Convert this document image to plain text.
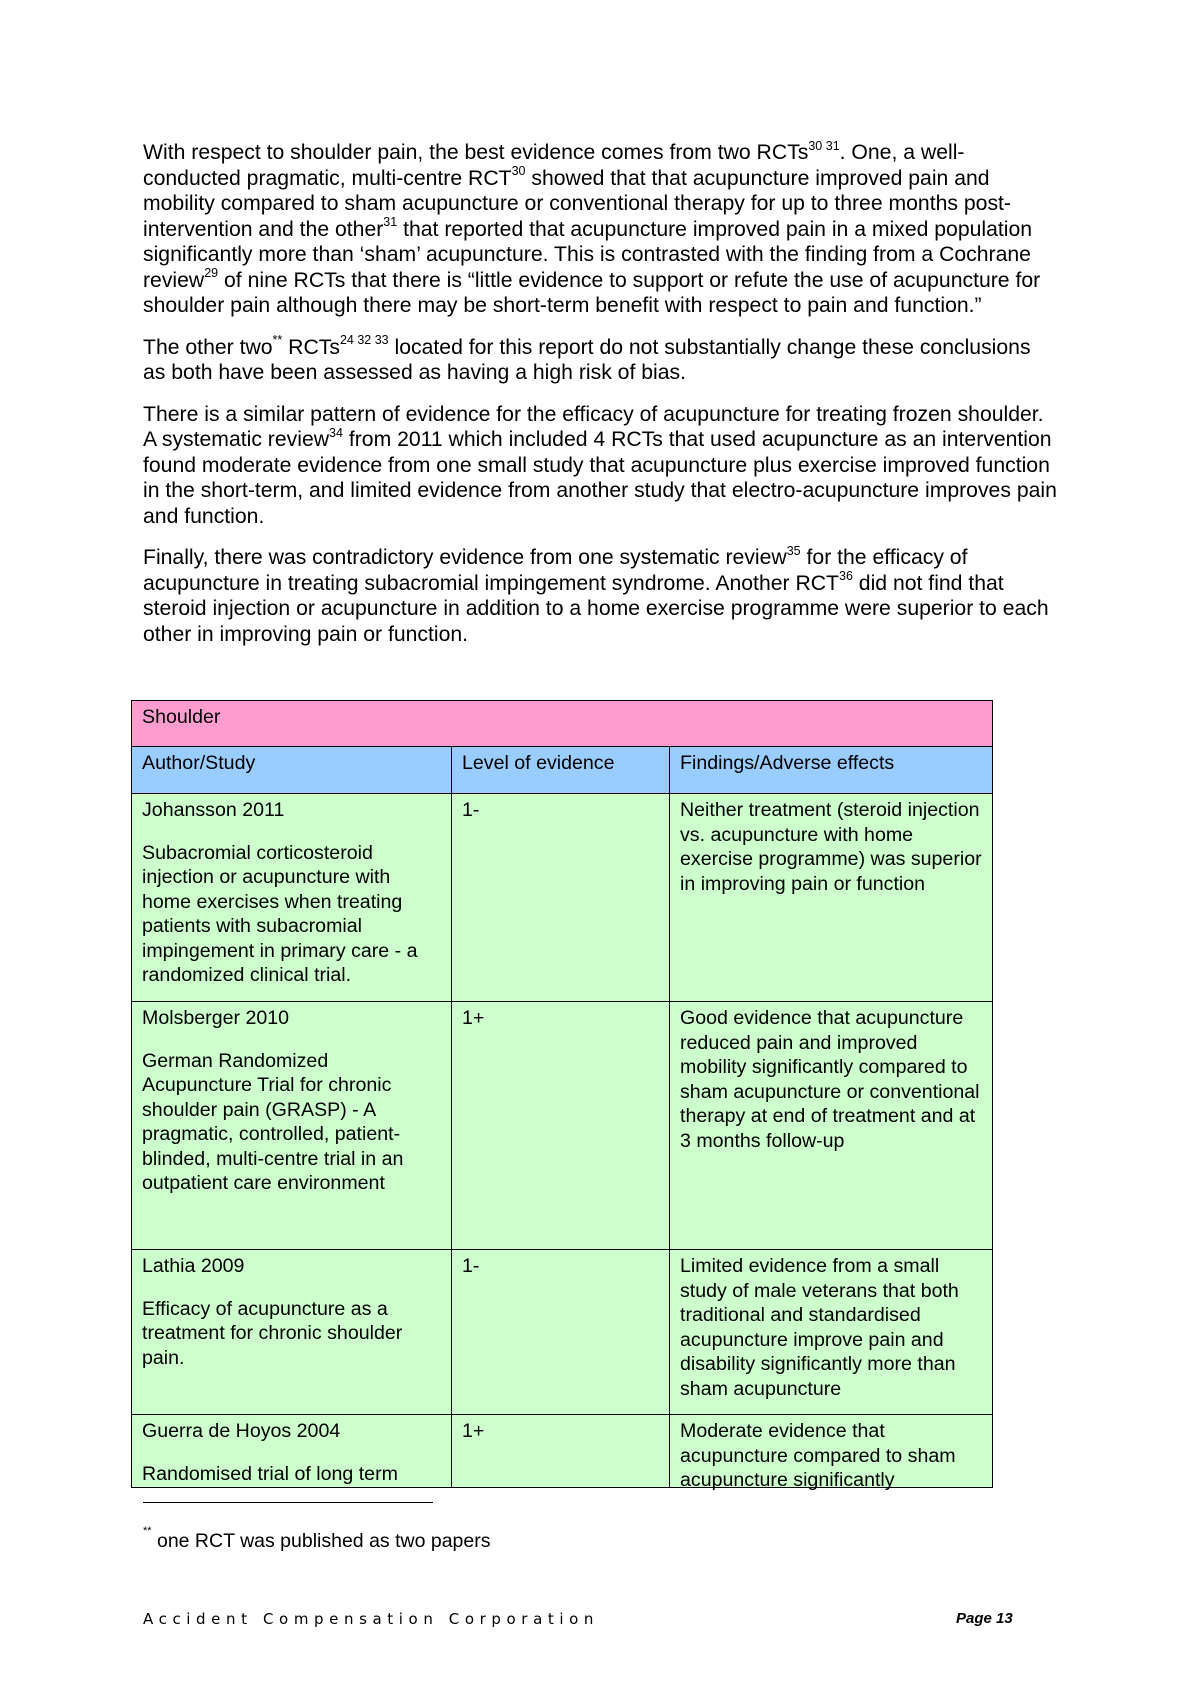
With respect to shoulder pain, the best evidence comes from two RCTs$^{30 31}$. One, a well-conducted pragmatic, multi-centre RCT$^{30}$ showed that that acupuncture improved pain and mobility compared to sham acupuncture or conventional therapy for up to three months post-intervention and the other$^{31}$ that reported that acupuncture improved pain in a mixed population significantly more than ‘sham’ acupuncture. This is contrasted with the finding from a Cochrane review$^{29}$ of nine RCTs that there is “little evidence to support or refute the use of acupuncture for shoulder pain although there may be short-term benefit with respect to pain and function.”

The other two** RCTs$^{24 32 33}$ located for this report do not substantially change these conclusions as both have been assessed as having a high risk of bias.

There is a similar pattern of evidence for the efficacy of acupuncture for treating frozen shoulder. A systematic review$^{34}$ from 2011 which included 4 RCTs that used acupuncture as an intervention found moderate evidence from one small study that acupuncture plus exercise improved function in the short-term, and limited evidence from another study that electro-acupuncture improves pain and function.

Finally, there was contradictory evidence from one systematic review$^{35}$ for the efficacy of acupuncture in treating subacromial impingement syndrome. Another RCT$^{36}$ did not find that steroid injection or acupuncture in addition to a home exercise programme were superior to each other in improving pain or function.

Shoulder		
Author/Study	Level of evidence	Findings/Adverse effects

Johansson 2011
Subacromial corticosteroid injection or acupuncture with home exercises when treating patients with subacromial impingement in primary care - a randomized clinical trial.	1-	Neither treatment (steroid injection vs. acupuncture with home exercise programme) was superior in improving pain or function

Molsberger 2010
German Randomized Acupuncture Trial for chronic shoulder pain (GRASP) - A pragmatic, controlled, patient-blinded, multi-centre trial in an outpatient care environment	1+	Good evidence that acupuncture reduced pain and improved mobility significantly compared to sham acupuncture or conventional therapy at end of treatment and at 3 months follow-up

Lathia 2009
Efficacy of acupuncture as a treatment for chronic shoulder pain.	1-	Limited evidence from a small study of male veterans that both traditional and standardised acupuncture improve pain and disability significantly more than sham acupuncture

Guerra de Hoyos 2004
Randomised trial of long term	1+	Moderate evidence that acupuncture compared to sham acupuncture significantly
** one RCT was published as two papers
Accident Compensation Corporation	Page 13
